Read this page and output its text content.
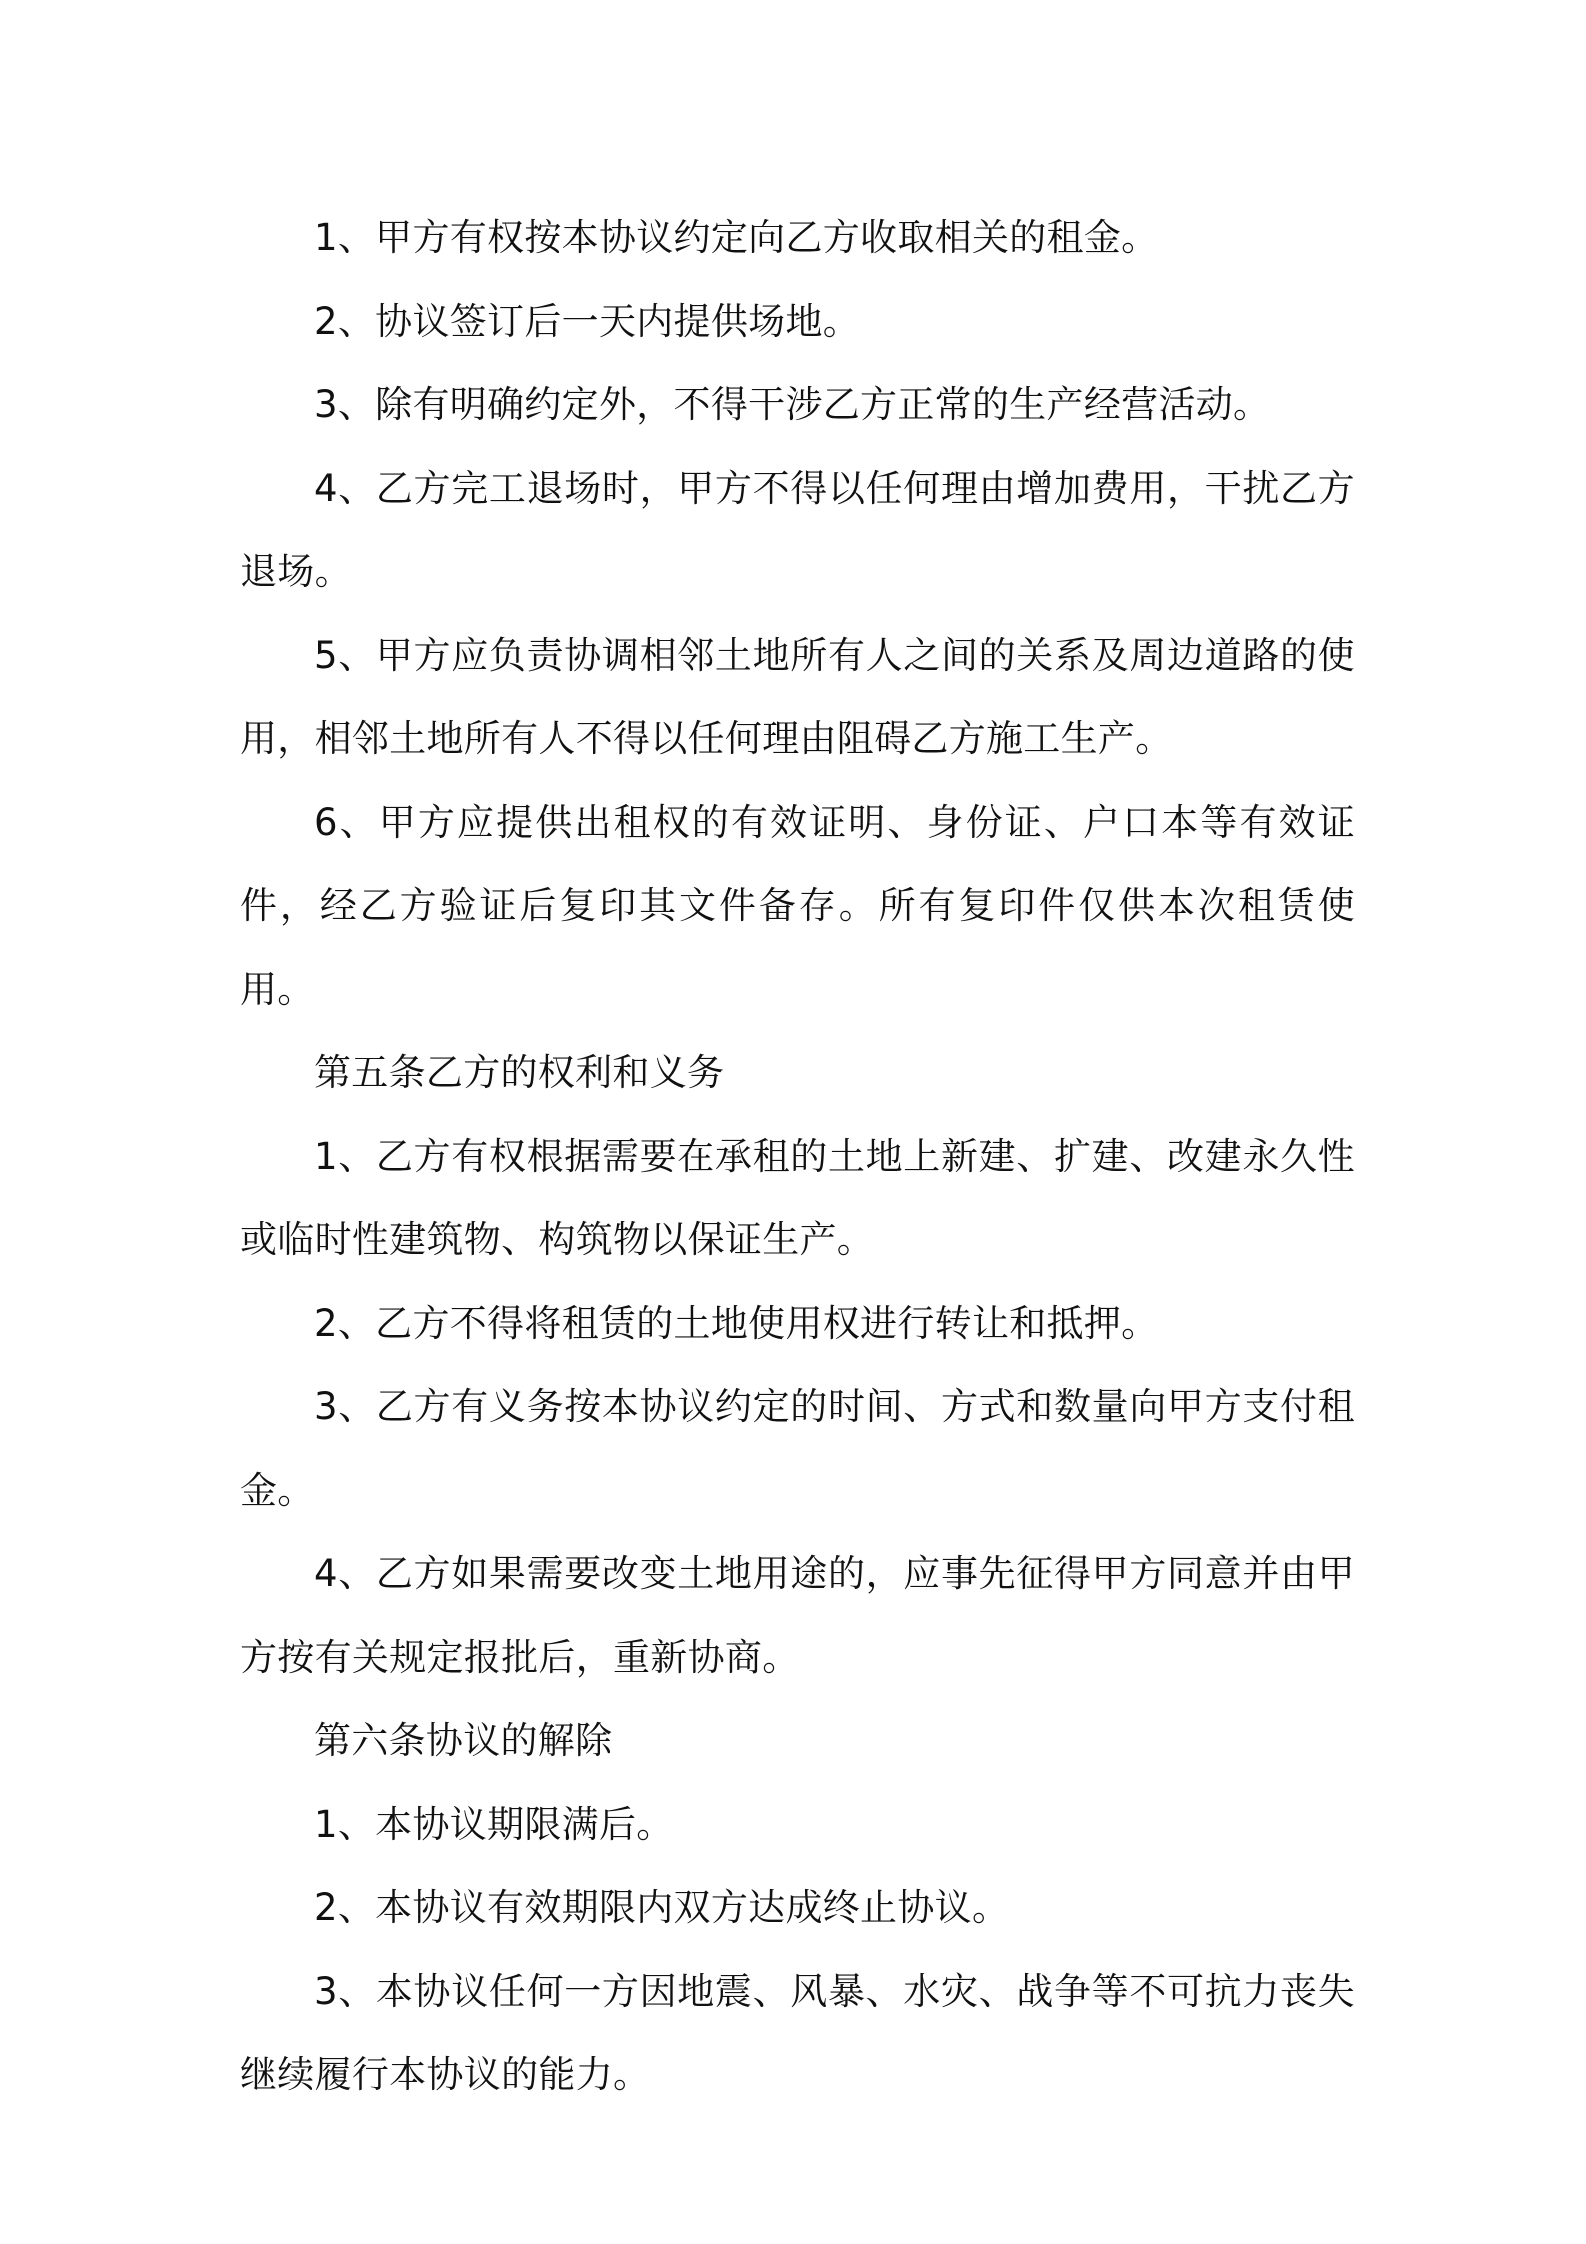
1、甲方有权按本协议约定向乙方收取相关的租金。

2、协议签订后一天内提供场地。

3、除有明确约定外，不得干涉乙方正常的生产经营活动。

4、乙方完工退场时，甲方不得以任何理由增加费用，干扰乙方退场。

5、甲方应负责协调相邻土地所有人之间的关系及周边道路的使用，相邻土地所有人不得以任何理由阻碍乙方施工生产。

6、甲方应提供出租权的有效证明、身份证、户口本等有效证件，经乙方验证后复印其文件备存。所有复印件仅供本次租赁使用。

第五条乙方的权利和义务

1、乙方有权根据需要在承租的土地上新建、扩建、改建永久性或临时性建筑物、构筑物以保证生产。

2、乙方不得将租赁的土地使用权进行转让和抵押。

3、乙方有义务按本协议约定的时间、方式和数量向甲方支付租金。

4、乙方如果需要改变土地用途的，应事先征得甲方同意并由甲方按有关规定报批后，重新协商。

第六条协议的解除

1、本协议期限满后。

2、本协议有效期限内双方达成终止协议。

3、本协议任何一方因地震、风暴、水灾、战争等不可抗力丧失继续履行本协议的能力。
